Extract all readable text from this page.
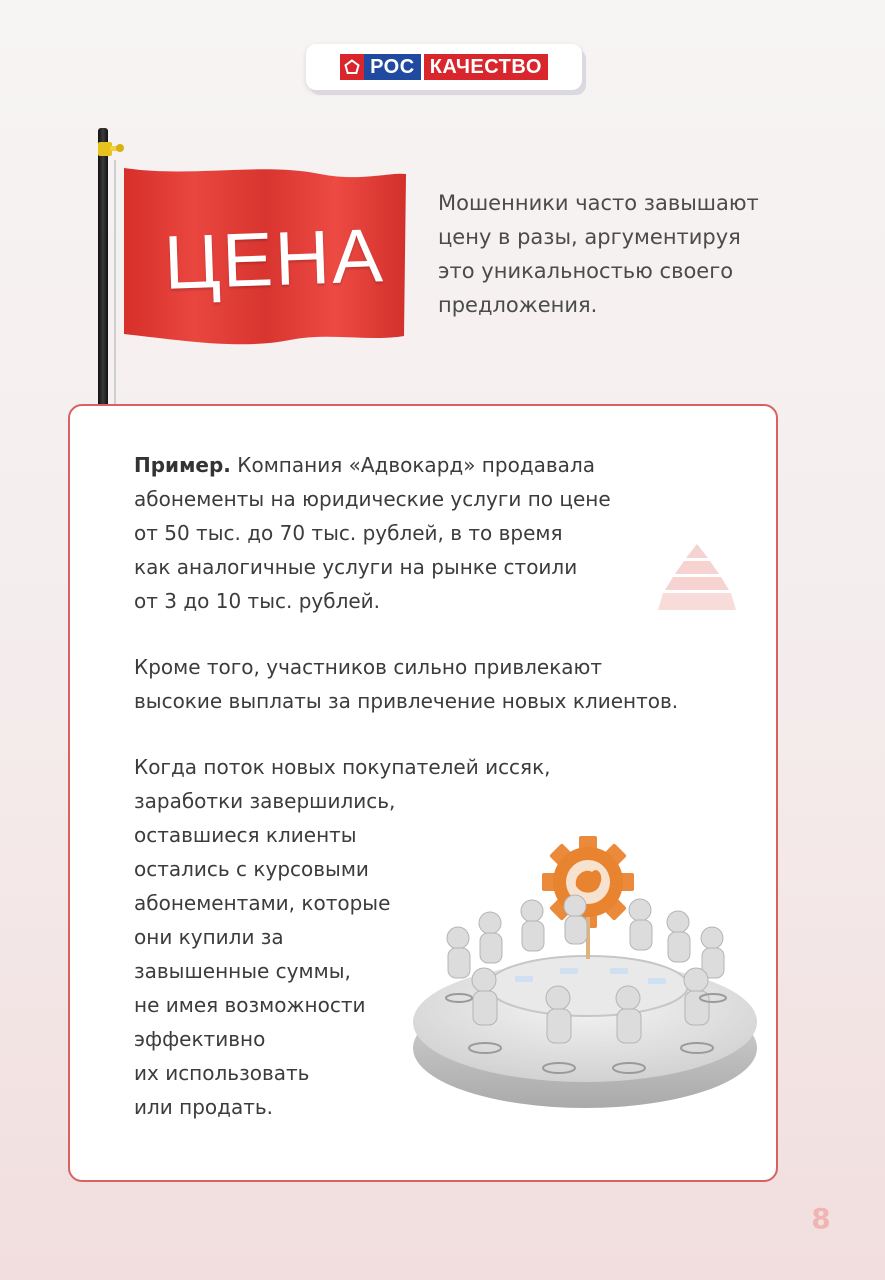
РОС КАЧЕСТВО
ЦЕНА
Мошенники часто завышают
цену в разы, аргументируя
это уникальностью своего
предложения.
Пример. Компания «Адвокард» продавала
абонементы на юридические услуги по цене
от 50 тыс. до 70 тыс. рублей, в то время
как аналогичные услуги на рынке стоили
от 3 до 10 тыс. рублей.
Кроме того, участников сильно привлекают
высокие выплаты за привлечение новых клиентов.
Когда поток новых покупателей иссяк,
заработки завершились,
оставшиеся клиенты
остались с курсовыми
абонементами, которые
они купили за
завышенные суммы,
не имея возможности
эффективно
их использовать
или продать.
8
